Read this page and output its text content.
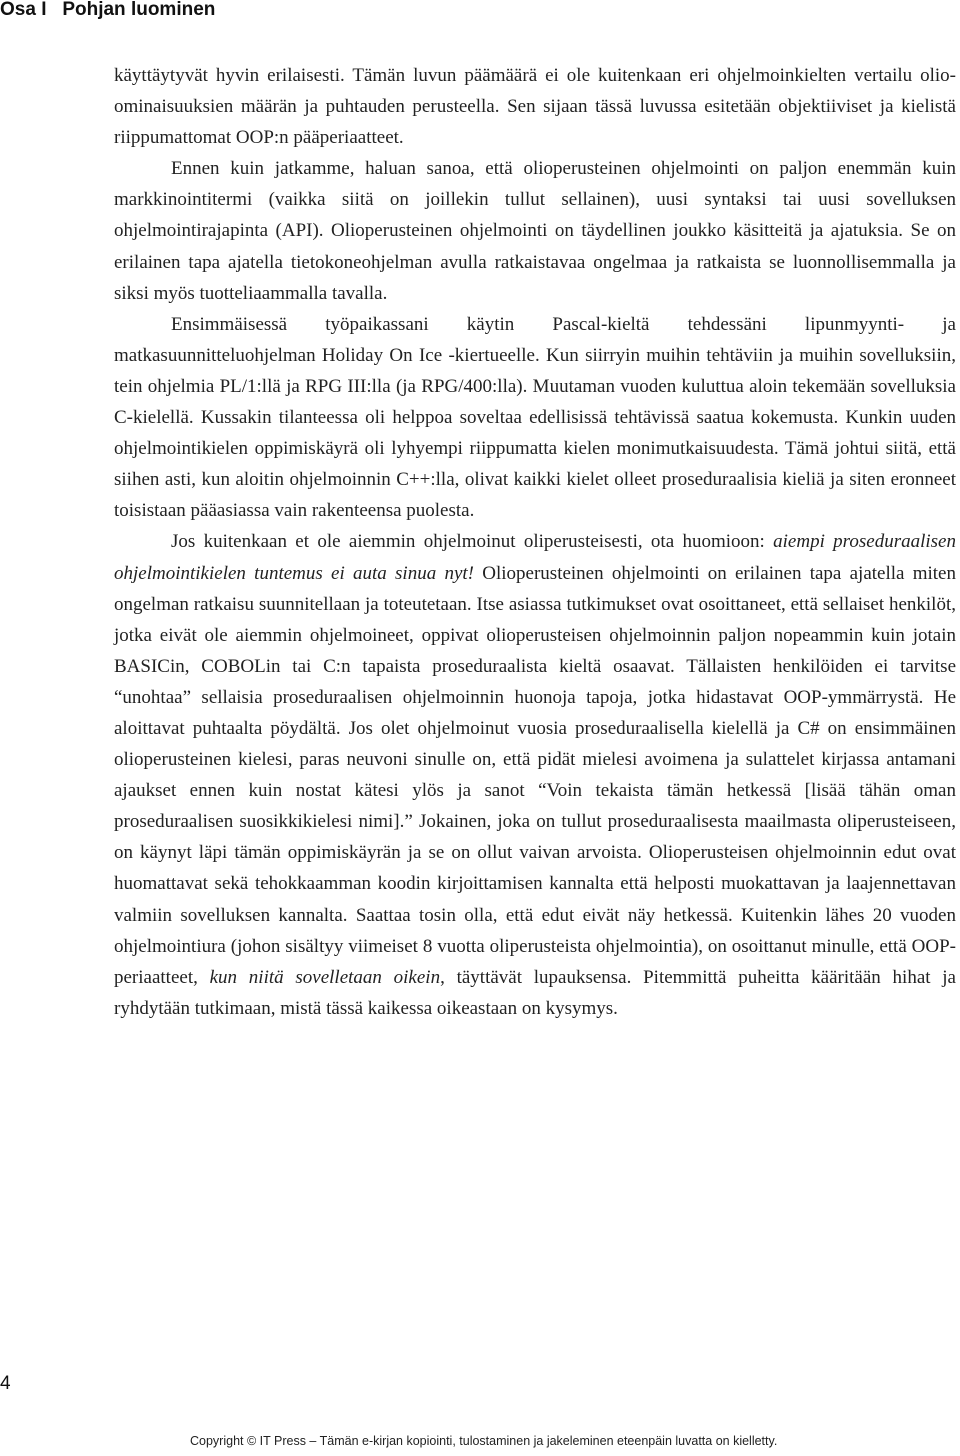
Osa I Pohjan luominen

käyttäytyvät hyvin erilaisesti. Tämän luvun päämäärä ei ole kuitenkaan eri ohjelmoinkielten vertailu olio-ominaisuuksien määrän ja puhtauden perusteella. Sen sijaan tässä luvussa esitetään objektiiviset ja kielistä riippumattomat OOP:n pääperiaatteet.

Ennen kuin jatkamme, haluan sanoa, että olioperusteinen ohjelmointi on paljon enemmän kuin markkinointitermi (vaikka siitä on joillekin tullut sellainen), uusi syntaksi tai uusi sovelluksen ohjelmointirajapinta (API). Olioperusteinen ohjelmointi on täydellinen joukko käsitteitä ja ajatuksia. Se on erilainen tapa ajatella tietokoneohjelman avulla ratkaistavaa ongelmaa ja ratkaista se luonnollisemmalla ja siksi myös tuotteliaammalla tavalla.

Ensimmäisessä työpaikassani käytin Pascal-kieltä tehdessäni lipunmyynti- ja matkasuunnitteluohjelman Holiday On Ice -kiertueelle. Kun siirryin muihin tehtäviin ja muihin sovelluksiin, tein ohjelmia PL/1:llä ja RPG III:lla (ja RPG/400:lla). Muutaman vuoden kuluttua aloin tekemään sovelluksia C-kielellä. Kussakin tilanteessa oli helppoa soveltaa edellisissä tehtävissä saatua kokemusta. Kunkin uuden ohjelmointikielen oppimiskäyrä oli lyhyempi riippumatta kielen monimutkaisuudesta. Tämä johtui siitä, että siihen asti, kun aloitin ohjelmoinnin C++:lla, olivat kaikki kielet olleet proseduraalisia kieliä ja siten eronneet toisistaan pääasiassa vain rakenteensa puolesta.

Jos kuitenkaan et ole aiemmin ohjelmoinut oliperusteisesti, ota huomioon: aiempi proseduraalisen ohjelmointikielen tuntemus ei auta sinua nyt! Olioperusteinen ohjelmointi on erilainen tapa ajatella miten ongelman ratkaisu suunnitellaan ja toteutetaan. Itse asiassa tutkimukset ovat osoittaneet, että sellaiset henkilöt, jotka eivät ole aiemmin ohjelmoineet, oppivat olioperusteisen ohjelmoinnin paljon nopeammin kuin jotain BASICin, COBOLin tai C:n tapaista proseduraalista kieltä osaavat. Tällaisten henkilöiden ei tarvitse “unohtaa” sellaisia proseduraalisen ohjelmoinnin huonoja tapoja, jotka hidastavat OOP-ymmärrystä. He aloittavat puhtaalta pöydältä. Jos olet ohjelmoinut vuosia proseduraalisella kielellä ja C# on ensimmäinen olioperusteinen kielesi, paras neuvoni sinulle on, että pidät mielesi avoimena ja sulattelet kirjassa antamani ajaukset ennen kuin nostat kätesi ylös ja sanot “Voin tekaista tämän hetkessä [lisää tähän oman proseduraalisen suosikkikielesi nimi].” Jokainen, joka on tullut proseduraalisesta maailmasta oliperusteiseen, on käynyt läpi tämän oppimiskäyrän ja se on ollut vaivan arvoista. Olioperusteisen ohjelmoinnin edut ovat huomattavat sekä tehokkaamman koodin kirjoittamisen kannalta että helposti muokattavan ja laajennettavan valmiin sovelluksen kannalta. Saattaa tosin olla, että edut eivät näy hetkessä. Kuitenkin lähes 20 vuoden ohjelmointiura (johon sisältyy viimeiset 8 vuotta oliperusteista ohjelmointia), on osoittanut minulle, että OOP-periaatteet, kun niitä sovelletaan oikein, täyttävät lupauksensa. Pitemmittä puheitta kääritään hihat ja ryhdytään tutkimaan, mistä tässä kaikessa oikeastaan on kysymys.

4
Copyright © IT Press – Tämän e-kirjan kopiointi, tulostaminen ja jakeleminen eteenpäin luvatta on kielletty.
